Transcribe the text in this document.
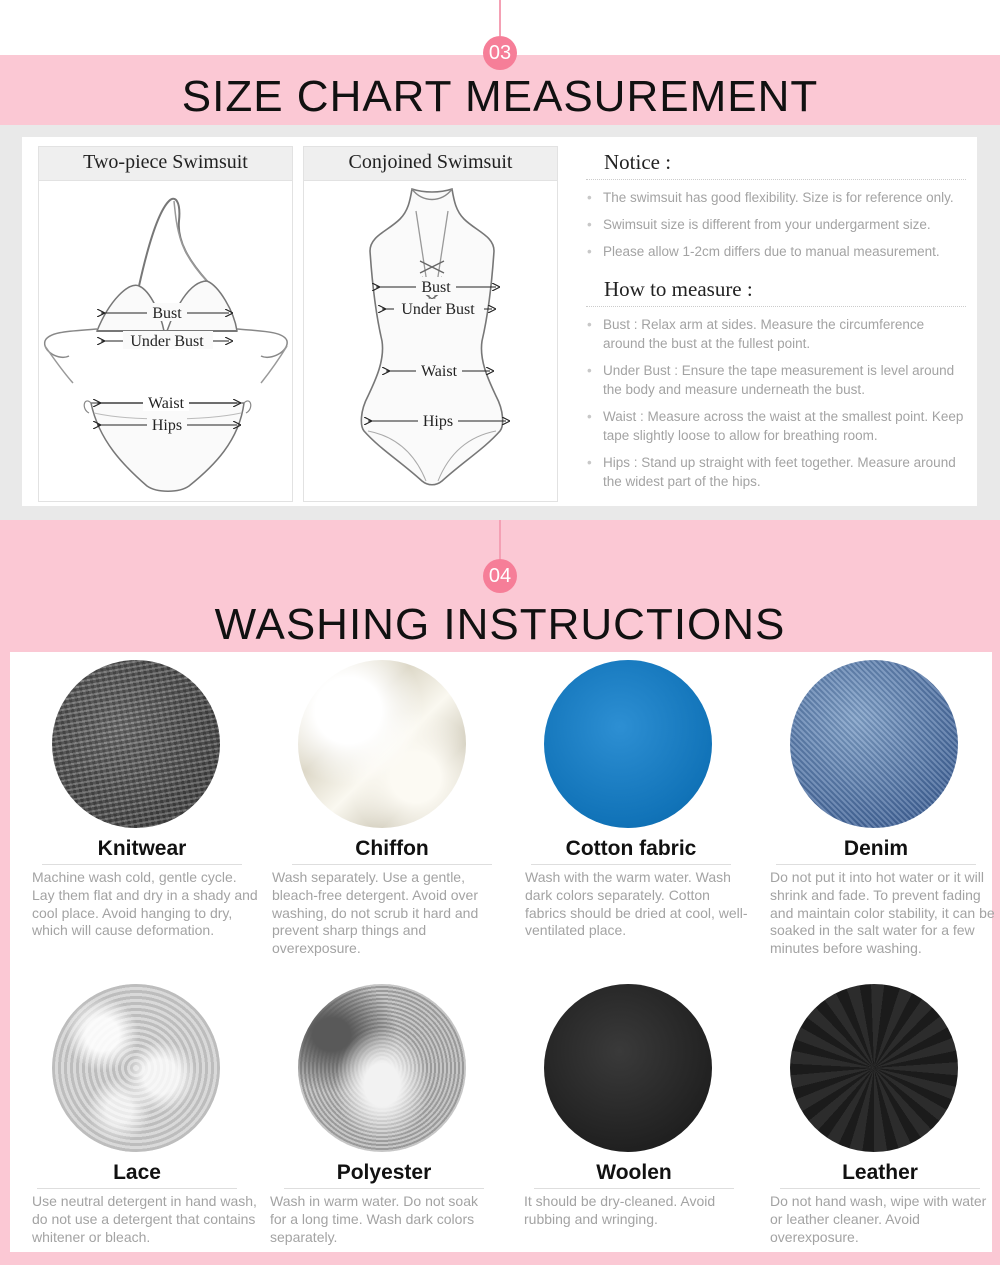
03
SIZE CHART MEASUREMENT
Two-piece Swimsuit
Bust
Under Bust
Waist
Hips
Conjoined Swimsuit
Bust
Under Bust
Waist
Hips
Notice :
• The swimsuit has good flexibility. Size is for reference only.
• Swimsuit size is different from your undergarment size.
• Please allow 1-2cm differs due to manual measurement.
How to measure :
• Bust : Relax arm at sides. Measure the circumference around the bust at the fullest point.
• Under Bust : Ensure the tape measurement is level around the body and measure underneath the bust.
• Waist : Measure across the waist at the smallest point. Keep tape slightly loose to allow for breathing room.
• Hips : Stand up straight with feet together. Measure around the widest part of the hips.
04
WASHING INSTRUCTIONS
Knitwear
Machine wash cold, gentle cycle. Lay them flat and dry in a shady and cool place. Avoid hanging to dry, which will cause deformation.
Chiffon
Wash separately. Use a gentle, bleach-free detergent. Avoid over washing, do not scrub it hard and prevent sharp things and overexposure.
Cotton fabric
Wash with the warm water. Wash dark colors separately. Cotton fabrics should be dried at cool, well-ventilated place.
Denim
Do not put it into hot water or it will shrink and fade. To prevent fading and maintain color stability, it can be soaked in the salt water for a few minutes before washing.
Lace
Use neutral detergent in hand wash, do not use a detergent that contains whitener or bleach.
Polyester
Wash in warm water. Do not soak for a long time. Wash dark colors separately.
Woolen
It should be dry-cleaned. Avoid rubbing and wringing.
Leather
Do not hand wash, wipe with water or leather cleaner. Avoid overexposure.
